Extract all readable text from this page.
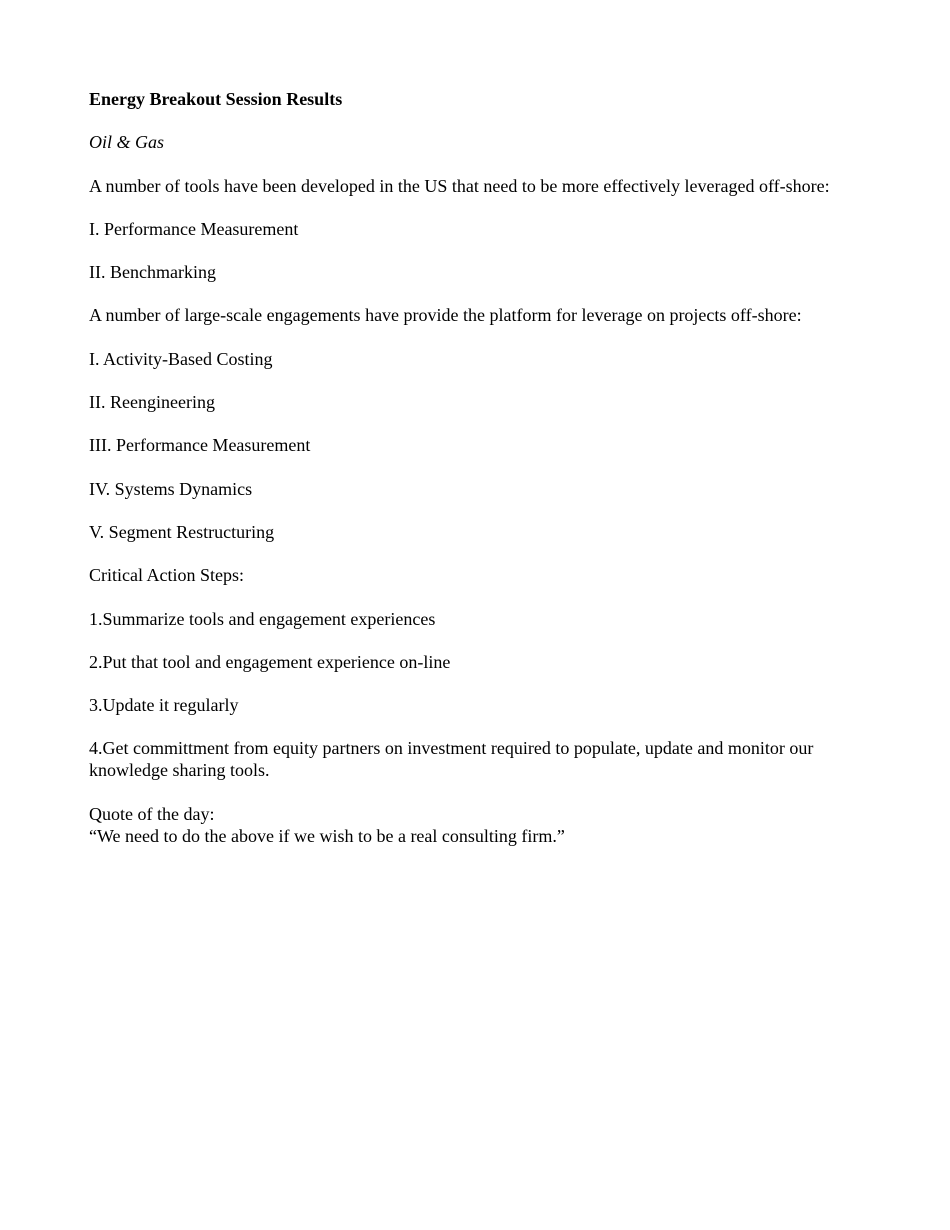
Energy Breakout Session Results

Oil & Gas

A number of tools have been developed in the US that need to be more effectively leveraged off-shore:

I. Performance Measurement

II. Benchmarking

A number of large-scale engagements have provide the platform for leverage on projects off-shore:

I. Activity-Based Costing

II. Reengineering

III. Performance Measurement

IV. Systems Dynamics

V. Segment Restructuring

Critical Action Steps:

1.Summarize tools and engagement experiences

2.Put that tool and engagement experience on-line

3.Update it regularly

4.Get committment from equity partners on investment required to populate, update and monitor our knowledge sharing tools.

Quote of the day:
“We need to do the above if we wish to be a real consulting firm.”
